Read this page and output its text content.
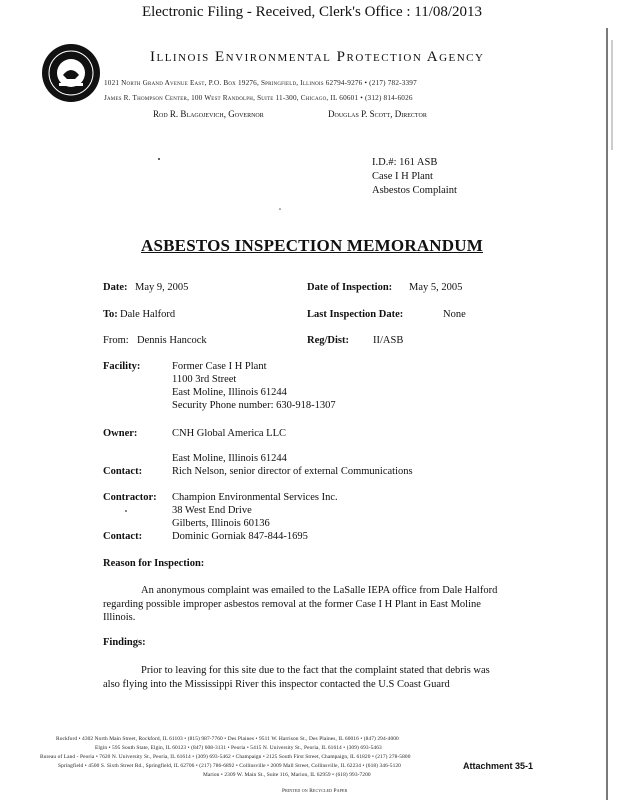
Electronic Filing - Received, Clerk's Office : 11/08/2013
Illinois Environmental Protection Agency
1021 North Grand Avenue East, P.O. Box 19276, Springfield, Illinois 62794-9276 • (217) 782-3397
James R. Thompson Center, 100 West Randolph, Suite 11-300, Chicago, IL 60601 • (312) 814-6026
Rod R. Blagojevich, Governor	Douglas P. Scott, Director
I.D.#: 161 ASB
Case I H Plant
Asbestos Complaint
ASBESTOS INSPECTION MEMORANDUM
Date: May 9, 2005	Date of Inspection: May 5, 2005
To: Dale Halford	Last Inspection Date:	None
From: Dennis Hancock	Reg/Dist: II/ASB
Facility:	Former Case I H Plant
1100 3rd Street
East Moline, Illinois 61244
Security Phone number: 630-918-1307
Owner:	CNH Global America LLC
East Moline, Illinois 61244
Contact:	Rich Nelson, senior director of external Communications
Contractor: Champion Environmental Services Inc.
38 West End Drive
Gilberts, Illinois 60136
Contact:	Dominic Gorniak 847-844-1695
Reason for Inspection:
An anonymous complaint was emailed to the LaSalle IEPA office from Dale Halford regarding possible improper asbestos removal at the former Case I H Plant in East Moline Illinois.
Findings:
Prior to leaving for this site due to the fact that the complaint stated that debris was also flying into the Mississippi River this inspector contacted the U.S Coast Guard
Rockford • 4302 North Main Street, Rockford, IL 61103 • (815) 987-7760 • Des Plaines • 9511 W. Harrison St., Des Plaines, IL 60016 • (847) 294-4000
Elgin • 595 South State, Elgin, IL 60123 • (847) 608-3131 • Peoria • 5415 N. University St., Peoria, IL 61614 • (309) 693-5463
Bureau of Land - Peoria • 7620 N. University St., Peoria, IL 61614 • (309) 693-5462 • Champaign • 2125 South First Street, Champaign, IL 61820 • (217) 278-5800
Springfield • 4500 S. Sixth Street Rd., Springfield, IL 62706 • (217) 786-6892 • Collinsville • 2009 Mall Street, Collinsville, IL 62234 • (618) 346-5120
Marion • 2309 W. Main St., Suite 116, Marion, IL 62959 • (618) 993-7200
Printed on Recycled Paper
Attachment 35-1
